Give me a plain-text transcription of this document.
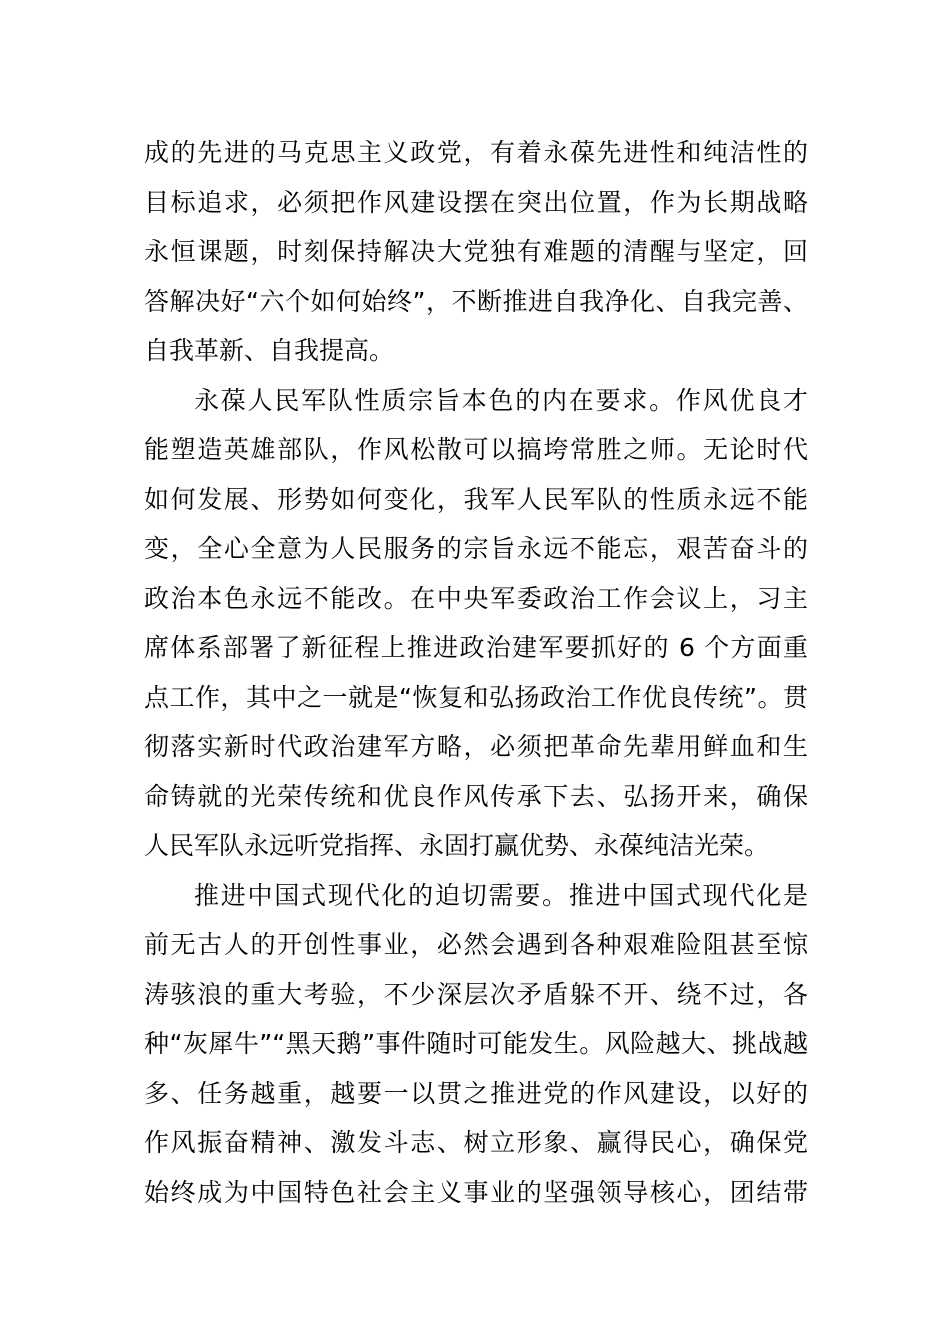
成的先进的马克思主义政党，有着永葆先进性和纯洁性的
目标追求，必须把作风建设摆在突出位置，作为长期战略
永恒课题，时刻保持解决大党独有难题的清醒与坚定，回
答解决好“六个如何始终”，不断推进自我净化、自我完善、
自我革新、自我提高。
永葆人民军队性质宗旨本色的内在要求。作风优良才
能塑造英雄部队，作风松散可以搞垮常胜之师。无论时代
如何发展、形势如何变化，我军人民军队的性质永远不能
变，全心全意为人民服务的宗旨永远不能忘，艰苦奋斗的
政治本色永远不能改。在中央军委政治工作会议上，习主
席体系部署了新征程上推进政治建军要抓好的 6 个方面重
点工作，其中之一就是“恢复和弘扬政治工作优良传统”。贯
彻落实新时代政治建军方略，必须把革命先辈用鲜血和生
命铸就的光荣传统和优良作风传承下去、弘扬开来，确保
人民军队永远听党指挥、永固打赢优势、永葆纯洁光荣。
推进中国式现代化的迫切需要。推进中国式现代化是
前无古人的开创性事业，必然会遇到各种艰难险阻甚至惊
涛骇浪的重大考验，不少深层次矛盾躲不开、绕不过，各
种“灰犀牛”“黑天鹅”事件随时可能发生。风险越大、挑战越
多、任务越重，越要一以贯之推进党的作风建设，以好的
作风振奋精神、激发斗志、树立形象、赢得民心，确保党
始终成为中国特色社会主义事业的坚强领导核心，团结带
